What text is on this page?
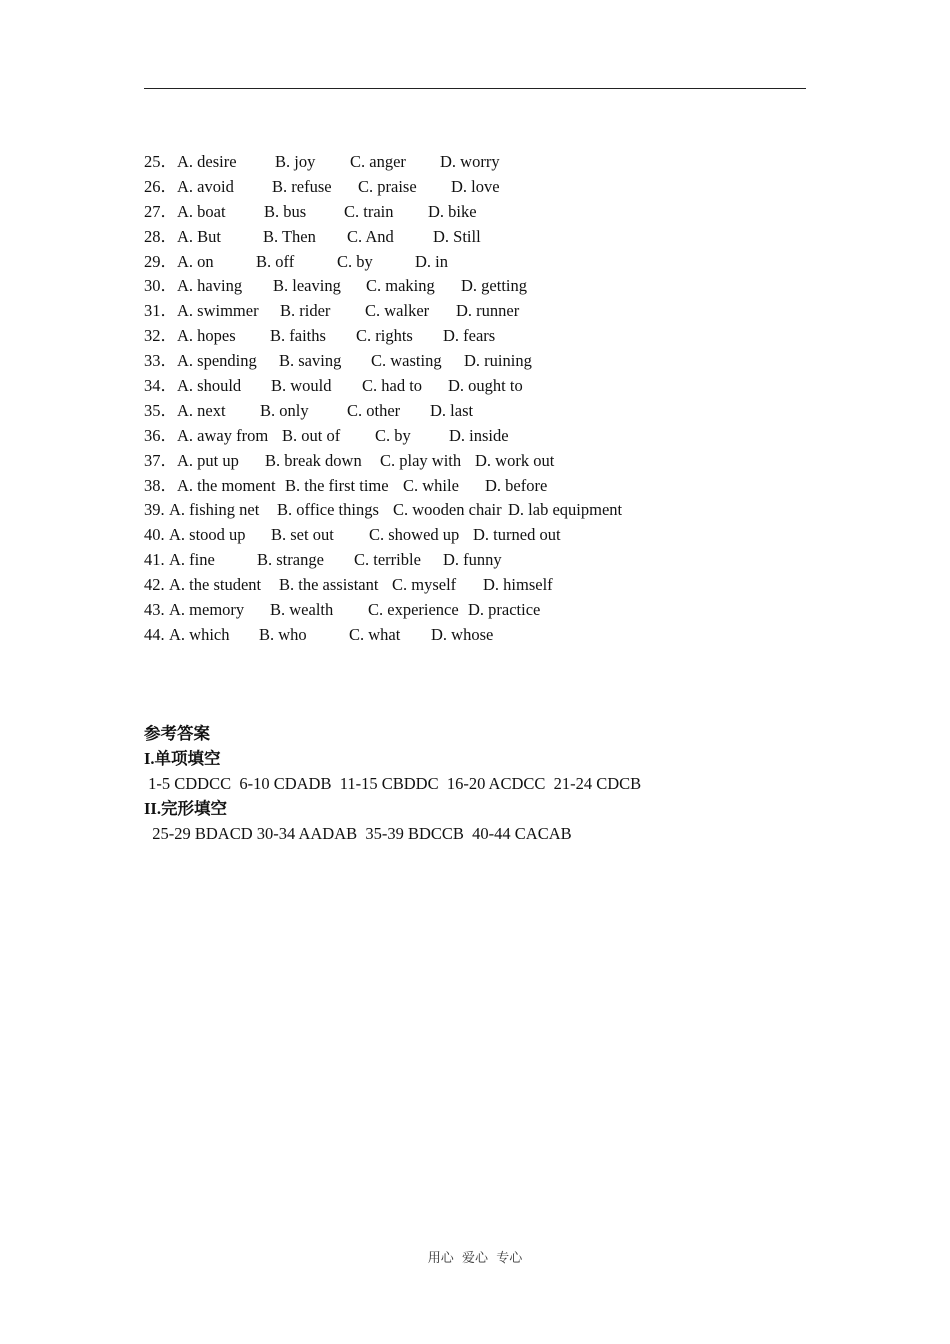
25． A. desire B. joy C. anger D. worry
26． A. avoid B. refuse C. praise D. love
27． A. boat B. bus C. train D. bike
28． A. But	B. Then C. And D. Still
29． A. on	B. off	C. by	D. in
30． A. having B. leaving C. making D. getting
31． A. swimmer B. rider C. walker D. runner
32． A. hopes B. faiths C. rights D. fears
33． A. spending B. saving C. wasting D. ruining
34． A. should B. would C. had to D. ought to
35． A. next B. only C. other D. last
36． A. away from B. out of C. by D. inside
37． A. put up B. break down C. play with D. work out
38． A. the moment B. the first time C. while D. before
39. A. fishing net B. office things C. wooden chair D. lab equipment
40. A. stood up B. set out C. showed up D. turned out
41. A. fine	B. strange C. terrible D. funny
42. A. the student B. the assistant C. myself D. himself
43. A. memory B. wealth C. experience D. practice
44. A. which B. who	C. what D. whose
参考答案
I.单项填空
1-5 CDDCC  6-10 CDADB  11-15 CBDDC  16-20 ACDCC  21-24 CDCB
II.完形填空
25-29 BDACD 30-34 AADAB  35-39 BDCCB  40-44 CACAB
用心  爱心  专心
